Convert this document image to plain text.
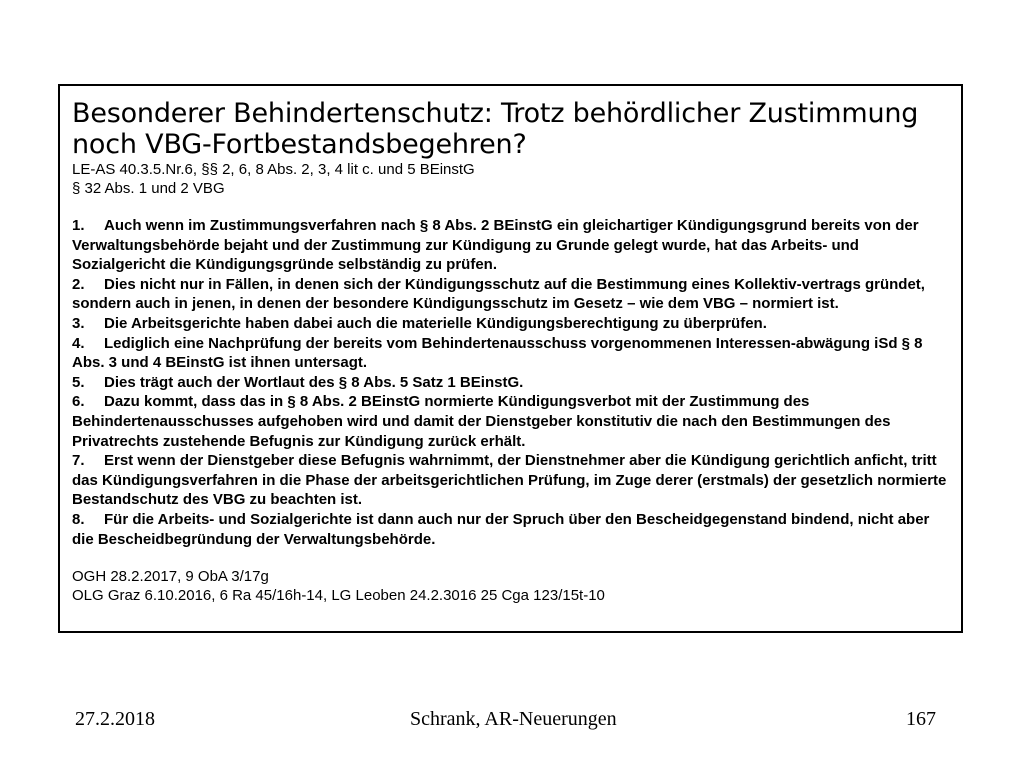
Besonderer Behindertenschutz: Trotz behördlicher Zustimmung noch VBG-Fortbestandsbegehren?
LE-AS 40.3.5.Nr.6, §§ 2, 6, 8 Abs. 2, 3, 4 lit c. und 5 BEinstG
§ 32 Abs. 1 und 2 VBG
1. Auch wenn im Zustimmungsverfahren nach § 8 Abs. 2 BEinstG ein gleichartiger Kündigungsgrund bereits von der Verwaltungsbehörde bejaht und der Zustimmung zur Kündigung zu Grunde gelegt wurde, hat das Arbeits- und Sozialgericht die Kündigungsgründe selbständig zu prüfen.
2. Dies nicht nur in Fällen, in denen sich der Kündigungsschutz auf die Bestimmung eines Kollektiv-vertrags gründet, sondern auch in jenen, in denen der besondere Kündigungsschutz im Gesetz – wie dem VBG – normiert ist.
3. Die Arbeitsgerichte haben dabei auch die materielle Kündigungsberechtigung zu überprüfen.
4. Lediglich eine Nachprüfung der bereits vom Behindertenausschuss vorgenommenen Interessen-abwägung iSd § 8 Abs. 3 und 4 BEinstG ist ihnen untersagt.
5. Dies trägt auch der Wortlaut des § 8 Abs. 5 Satz 1 BEinstG.
6. Dazu kommt, dass das in § 8 Abs. 2 BEinstG normierte Kündigungsverbot mit der Zustimmung des Behindertenausschusses aufgehoben wird und damit der Dienstgeber konstitutiv die nach den Bestimmungen des Privatrechts zustehende Befugnis zur Kündigung zurück erhält.
7. Erst wenn der Dienstgeber diese Befugnis wahrnimmt, der Dienstnehmer aber die Kündigung gerichtlich anficht, tritt das Kündigungsverfahren in die Phase der arbeitsgerichtlichen Prüfung, im Zuge derer (erstmals) der gesetzlich normierte Bestandschutz des VBG zu beachten ist.
8. Für die Arbeits- und Sozialgerichte ist dann auch nur der Spruch über den Bescheidgegenstand bindend, nicht aber die Bescheidbegründung der Verwaltungsbehörde.
OGH 28.2.2017, 9 ObA 3/17g
OLG Graz 6.10.2016, 6 Ra 45/16h-14, LG Leoben 24.2.3016 25 Cga 123/15t-10
27.2.2018	Schrank, AR-Neuerungen	167
